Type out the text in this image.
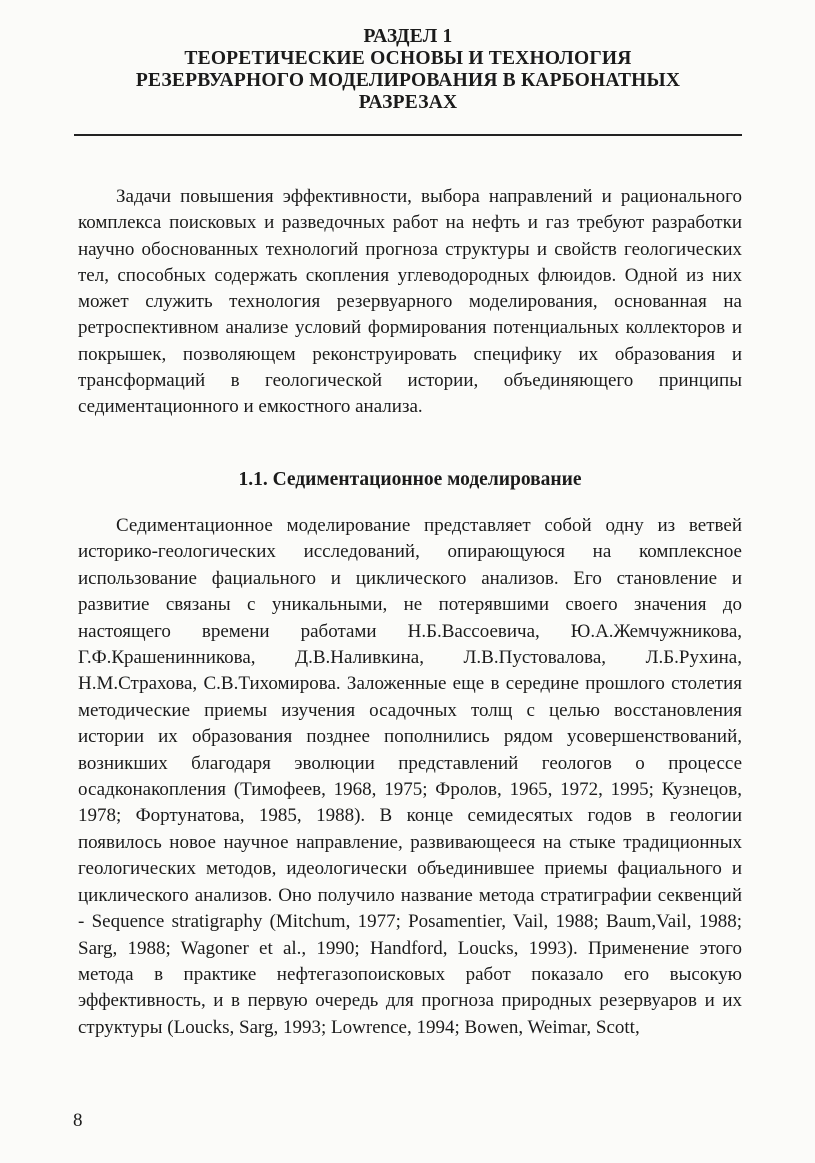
РАЗДЕЛ 1
ТЕОРЕТИЧЕСКИЕ ОСНОВЫ И ТЕХНОЛОГИЯ
РЕЗЕРВУАРНОГО МОДЕЛИРОВАНИЯ В КАРБОНАТНЫХ
РАЗРЕЗАХ

Задачи повышения эффективности, выбора направлений и рационального комплекса поисковых и разведочных работ на нефть и газ требуют разработки научно обоснованных технологий прогноза структуры и свойств геологических тел, способных содержать скопления углеводородных флюидов. Одной из них может служить технология резервуарного моделирования, основанная на ретроспективном анализе условий формирования потенциальных коллекторов и покрышек, позволяющем реконструировать специфику их образования и трансформаций в геологической истории, объединяющего принципы седиментационного и емкостного анализа.

1.1. Седиментационное моделирование

Седиментационное моделирование представляет собой одну из ветвей историко-геологических исследований, опирающуюся на комплексное использование фациального и циклического анализов. Его становление и развитие связаны с уникальными, не потерявшими своего значения до настоящего времени работами Н.Б.Вассоевича, Ю.А.Жемчужникова, Г.Ф.Крашенинникова, Д.В.Наливкина, Л.В.Пустовалова, Л.Б.Рухина, Н.М.Страхова, С.В.Тихомирова. Заложенные еще в середине прошлого столетия методические приемы изучения осадочных толщ с целью восстановления истории их образования позднее пополнились рядом усовершенствований, возникших благодаря эволюции представлений геологов о процессе осадконакопления (Тимофеев, 1968, 1975; Фролов, 1965, 1972, 1995; Кузнецов, 1978; Фортунатова, 1985, 1988). В конце семидесятых годов в геологии появилось новое научное направление, развивающееся на стыке традиционных геологических методов, идеологически объединившее приемы фациального и циклического анализов. Оно получило название метода стратиграфии секвенций - Sequence stratigraphy (Mitchum, 1977; Posamentier, Vail, 1988; Baum,Vail, 1988; Sarg, 1988; Wagoner et al., 1990; Handford, Loucks, 1993). Применение этого метода в практике нефтегазопоисковых работ показало его высокую эффективность, и в первую очередь для прогноза природных резервуаров и их структуры (Loucks, Sarg, 1993; Lowrence, 1994; Bowen, Weimar, Scott,

8
